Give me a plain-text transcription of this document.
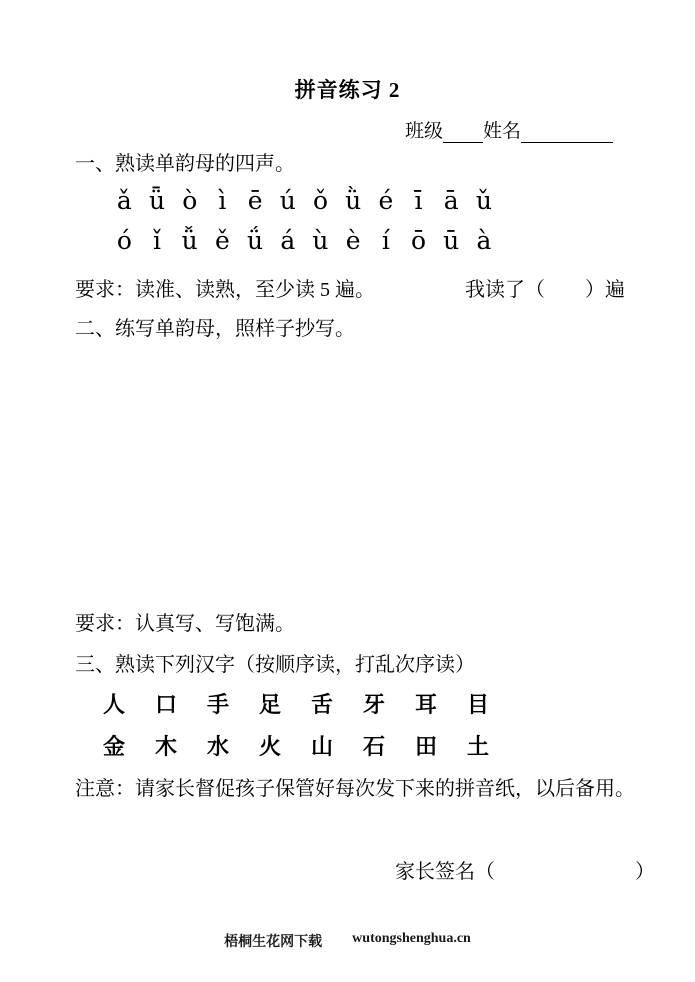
拼音练习 2
班级 姓名
一、熟读单韵母的四声。
ǎ ǖ ò ì ē ú ǒ ǜ é ī ā ǔ
ó ǐ ǚ ě ǘ á ù è í ō ū à
要求：读准、读熟，至少读 5 遍。	我读了（　　）遍
二、练写单韵母，照样子抄写。
要求：认真写、写饱满。
三、熟读下列汉字（按顺序读，打乱次序读）
人 口 手 足 舌 牙 耳 目
金 木 水 火 山 石 田 土
注意：请家长督促孩子保管好每次发下来的拼音纸，以后备用。
家长签名（　　　　　　　）
梧桐生花网下载 wutongshenghua.cn
